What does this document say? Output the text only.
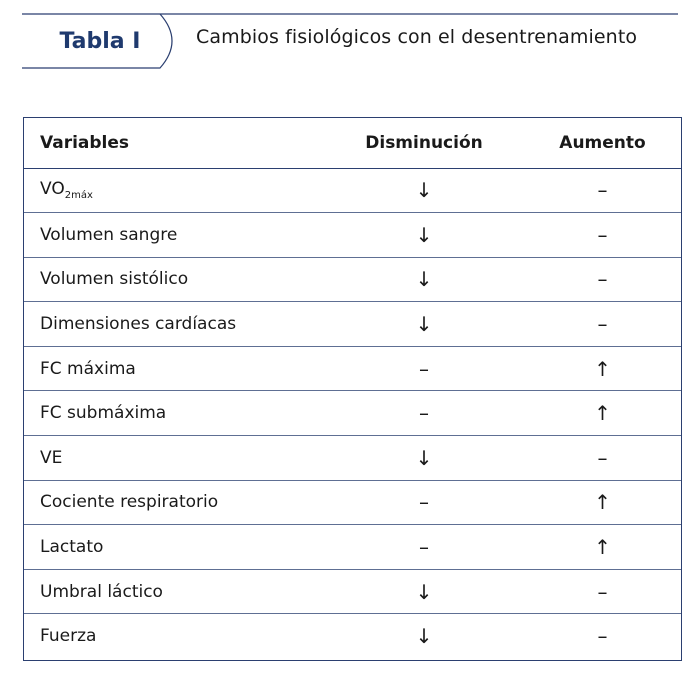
Tabla I	Cambios fisiológicos con el desentrenamiento
Variables	Disminución	Aumento
$VO_{2máx}$	↓	–
Volumen sangre	↓	–
Volumen sistólico	↓	–
Dimensiones cardíacas	↓	–
FC máxima	–	↑
FC submáxima	–	↑
VE	↓	–
Cociente respiratorio	–	↑
Lactato	–	↑
Umbral láctico	↓	–
Fuerza	↓	–
